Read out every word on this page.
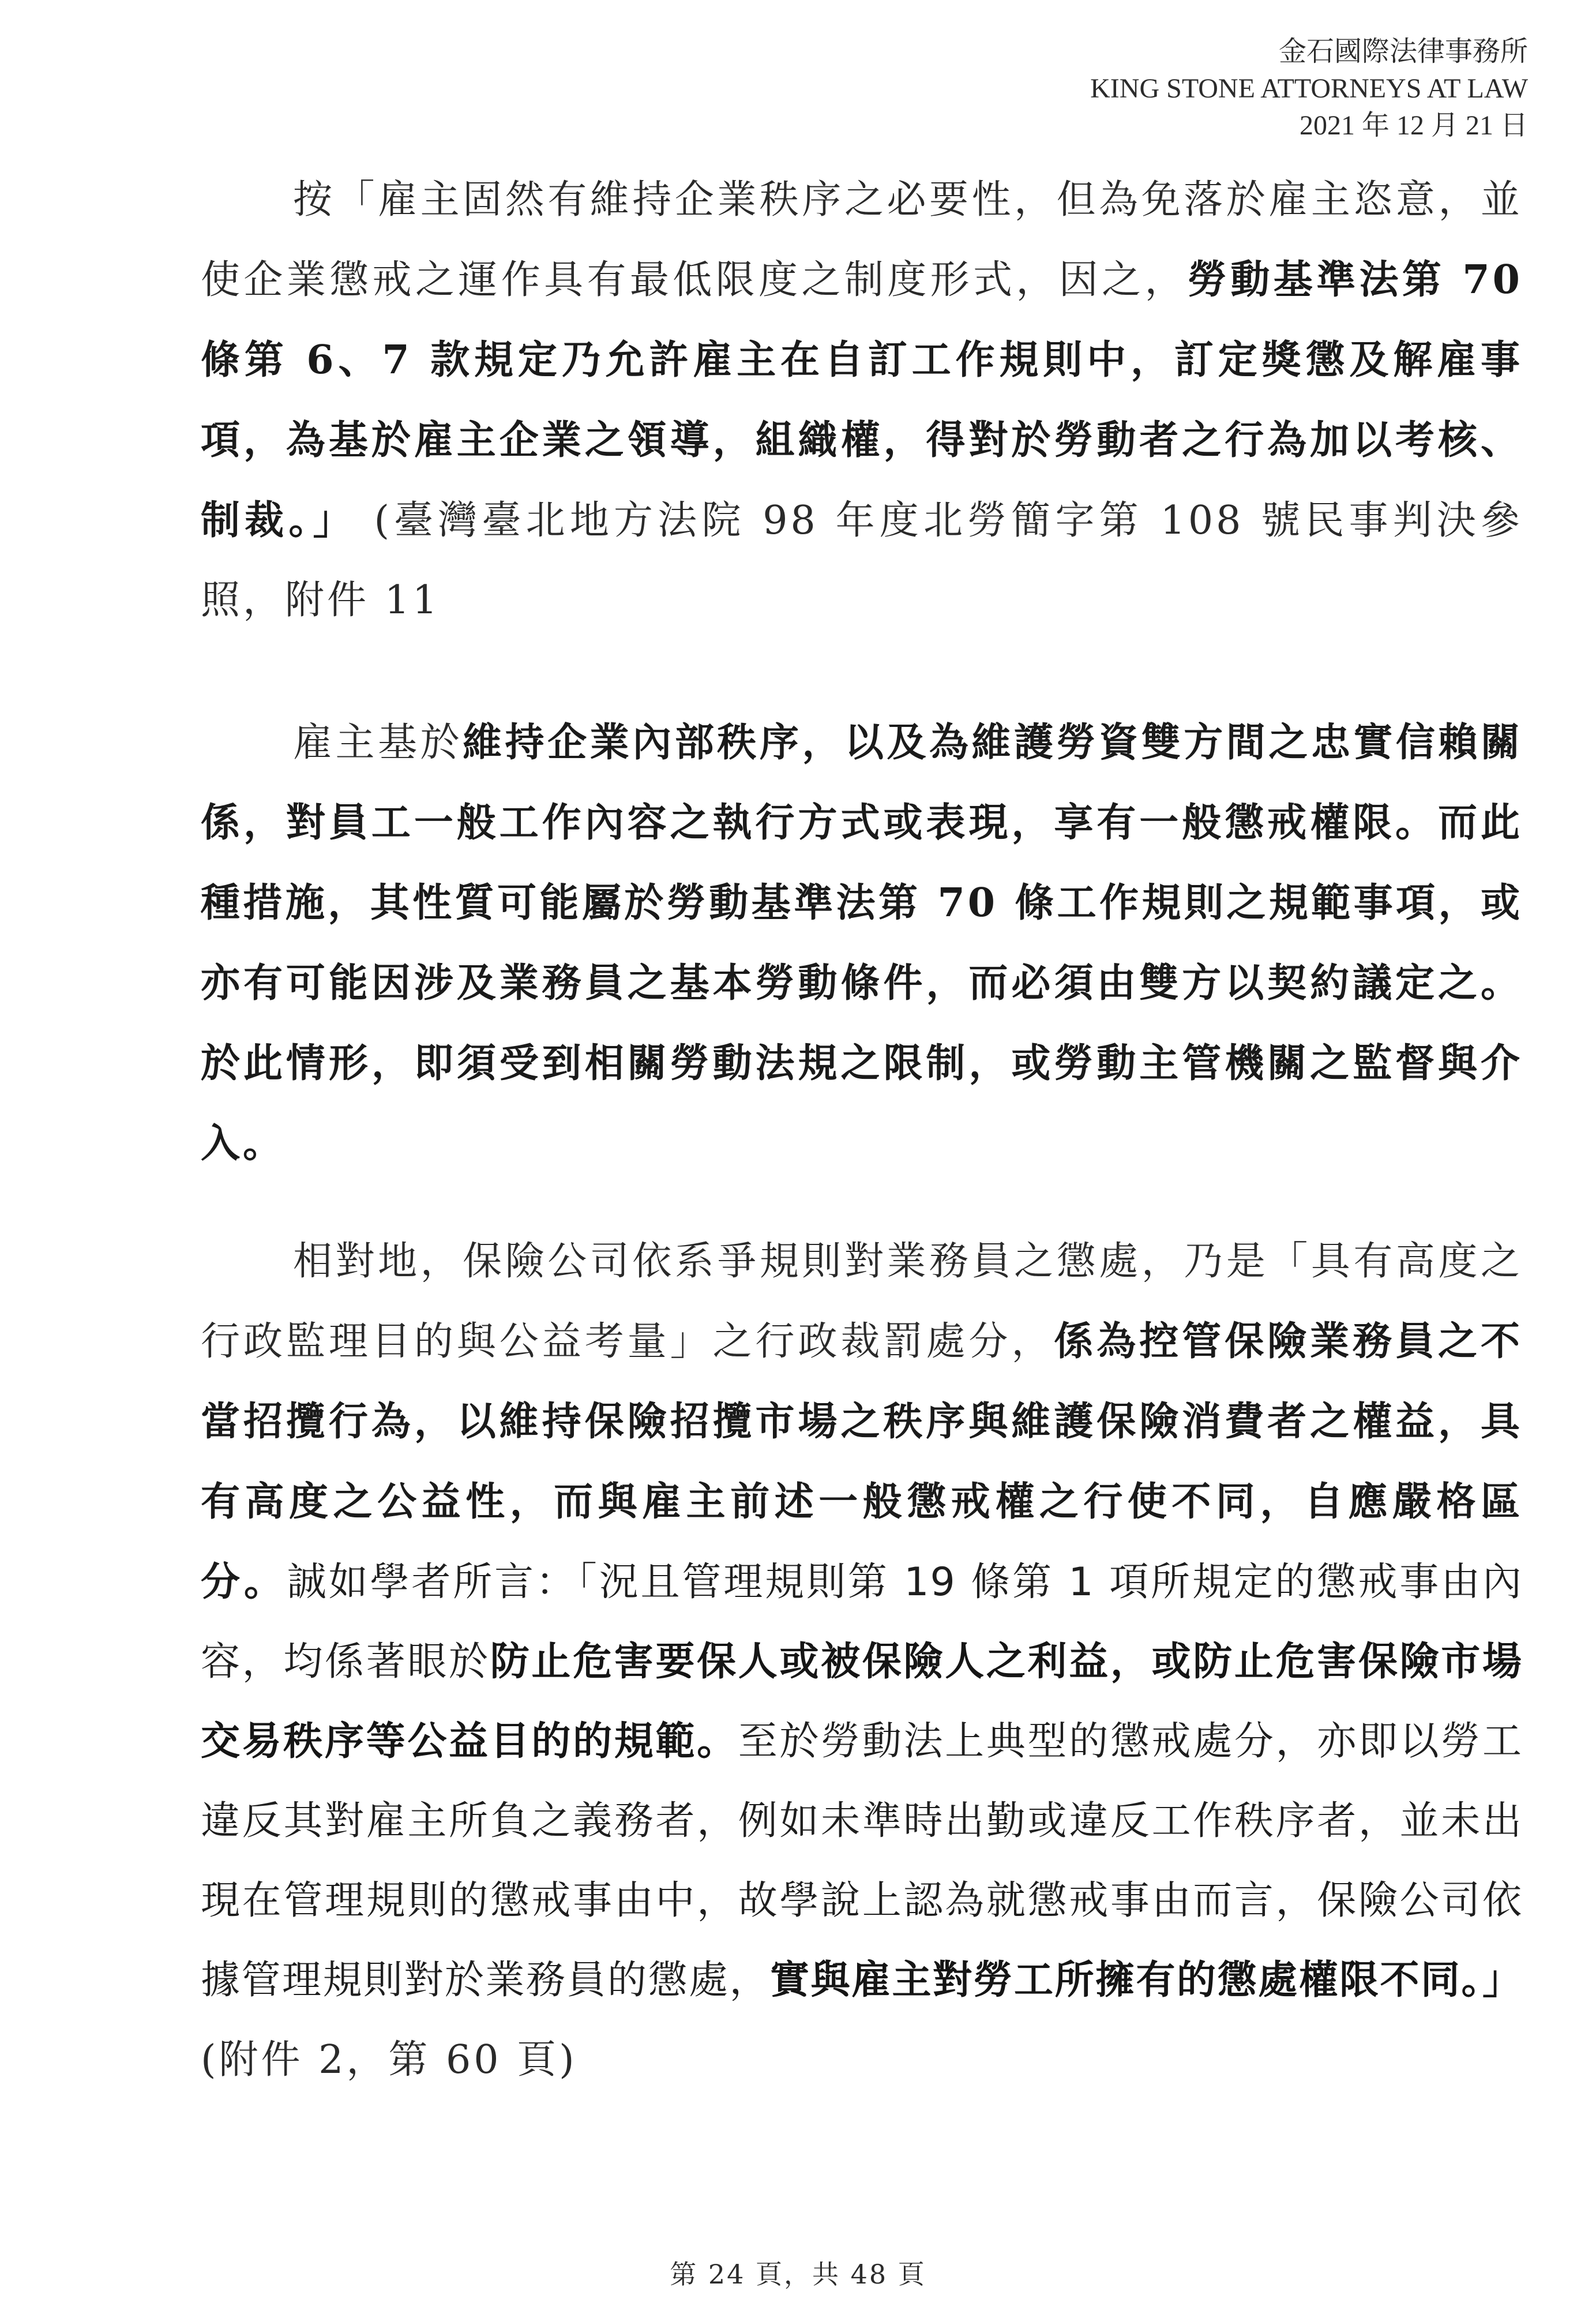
金石國際法律事務所
KING STONE ATTORNEYS AT LAW
2021 年 12 月 21 日

按「雇主固然有維持企業秩序之必要性，但為免落於雇主恣意，並使企業懲戒之運作具有最低限度之制度形式，因之，勞動基準法第 70 條第 6、7 款規定乃允許雇主在自訂工作規則中，訂定獎懲及解雇事項，為基於雇主企業之領導，組織權，得對於勞動者之行為加以考核、制裁。」 (臺灣臺北地方法院 98 年度北勞簡字第 108 號民事判決參照，附件 11

雇主基於維持企業內部秩序，以及為維護勞資雙方間之忠實信賴關係，對員工一般工作內容之執行方式或表現，享有一般懲戒權限。而此種措施，其性質可能屬於勞動基準法第 70 條工作規則之規範事項，或亦有可能因涉及業務員之基本勞動條件，而必須由雙方以契約議定之。於此情形，即須受到相關勞動法規之限制，或勞動主管機關之監督與介入。

相對地，保險公司依系爭規則對業務員之懲處，乃是「具有高度之行政監理目的與公益考量」之行政裁罰處分，係為控管保險業務員之不當招攬行為，以維持保險招攬市場之秩序與維護保險消費者之權益，具有高度之公益性，而與雇主前述一般懲戒權之行使不同，自應嚴格區分。誠如學者所言：「況且管理規則第 19 條第 1 項所規定的懲戒事由內容，均係著眼於防止危害要保人或被保險人之利益，或防止危害保險市場交易秩序等公益目的的規範。至於勞動法上典型的懲戒處分，亦即以勞工違反其對雇主所負之義務者，例如未準時出勤或違反工作秩序者，並未出現在管理規則的懲戒事由中，故學說上認為就懲戒事由而言，保險公司依據管理規則對於業務員的懲處，實與雇主對勞工所擁有的懲處權限不同。」(附件 2，第 60 頁)

第 24 頁，共 48 頁
